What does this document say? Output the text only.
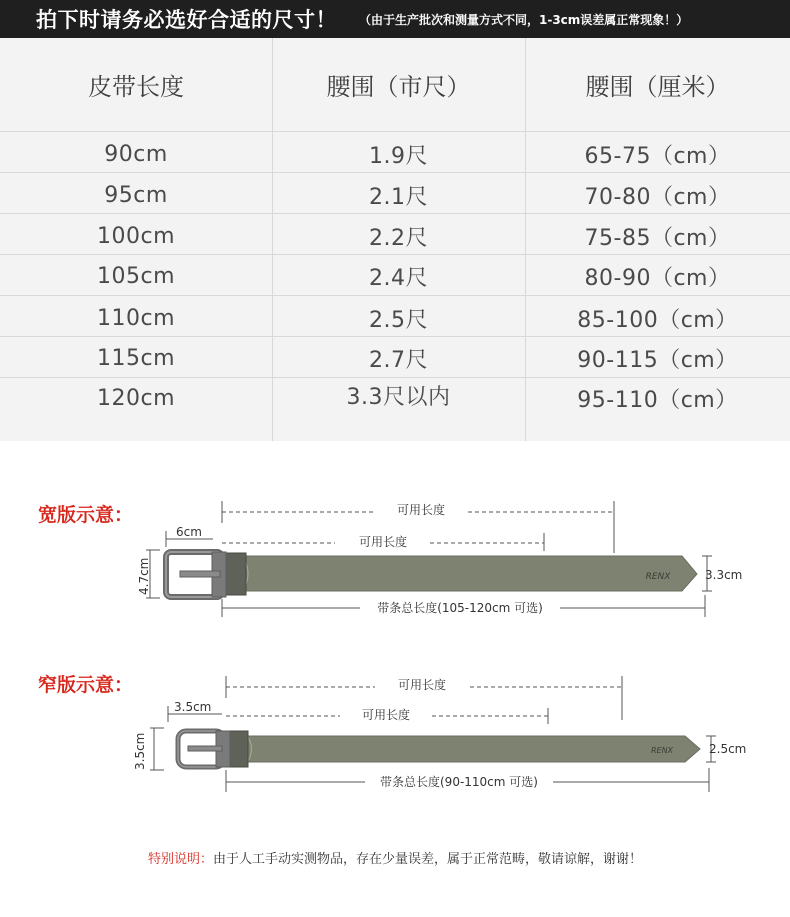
拍下时请务必选好合适的尺寸！ （由于生产批次和测量方式不同，1-3cm误差属正常现象！）
皮带长度	腰围（市尺）	腰围（厘米）
90cm	1.9尺	65-75（cm）
95cm	2.1尺	70-80（cm）
100cm	2.2尺	75-85（cm）
105cm	2.4尺	80-90（cm）
110cm	2.5尺	85-100（cm）
115cm	2.7尺	90-115（cm）
120cm	3.3尺以内	95-110（cm）
宽版示意：	可用长度
可用长度
6cm
4.7cm	RENX	3.3cm
带条总长度(105-120cm 可选)
窄版示意：	可用长度
可用长度
3.5cm
3.5cm	RENX	2.5cm
带条总长度(90-110cm 可选)
特别说明：由于人工手动实测物品，存在少量误差，属于正常范畴，敬请谅解，谢谢！
